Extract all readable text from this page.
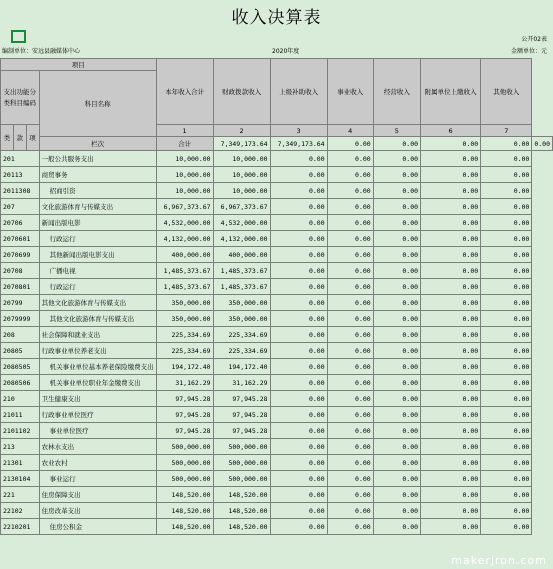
收入决算表
公开02表
编制单位：安远县融媒体中心	2020年度	金额单位：元
项目				本年收入合计	财政拨款收入	上级补助收入	事业收入	经营收入	附属单位上缴收入	其他收入	
支出功能分类科目编码			科目名称								
类	款	项		1	2	3	4	5	6	7	
			栏次	合计	7,349,173.64	7,349,173.64	0.00	0.00	0.00	0.00	0.00
201			一般公共服务支出	10,000.00	10,000.00	0.00	0.00	0.00	0.00	0.00	
20113			商贸事务	10,000.00	10,000.00	0.00	0.00	0.00	0.00	0.00	
2011308			招商引资	10,000.00	10,000.00	0.00	0.00	0.00	0.00	0.00	
207			文化旅游体育与传媒支出	6,967,373.67	6,967,373.67	0.00	0.00	0.00	0.00	0.00	
20706			新闻出版电影	4,532,000.00	4,532,000.00	0.00	0.00	0.00	0.00	0.00	
2070601			行政运行	4,132,000.00	4,132,000.00	0.00	0.00	0.00	0.00	0.00	
2070699			其他新闻出版电影支出	400,000.00	400,000.00	0.00	0.00	0.00	0.00	0.00	
20708			广播电视	1,485,373.67	1,485,373.67	0.00	0.00	0.00	0.00	0.00	
2070801			行政运行	1,485,373.67	1,485,373.67	0.00	0.00	0.00	0.00	0.00	
20799			其他文化旅游体育与传媒支出	350,000.00	350,000.00	0.00	0.00	0.00	0.00	0.00	
2079999			其他文化旅游体育与传媒支出	350,000.00	350,000.00	0.00	0.00	0.00	0.00	0.00	
208			社会保障和就业支出	225,334.69	225,334.69	0.00	0.00	0.00	0.00	0.00	
20805			行政事业单位养老支出	225,334.69	225,334.69	0.00	0.00	0.00	0.00	0.00	
2080505			机关事业单位基本养老保险缴费支出	194,172.40	194,172.40	0.00	0.00	0.00	0.00	0.00	
2080506			机关事业单位职业年金缴费支出	31,162.29	31,162.29	0.00	0.00	0.00	0.00	0.00	
210			卫生健康支出	97,945.28	97,945.28	0.00	0.00	0.00	0.00	0.00	
21011			行政事业单位医疗	97,945.28	97,945.28	0.00	0.00	0.00	0.00	0.00	
2101102			事业单位医疗	97,945.28	97,945.28	0.00	0.00	0.00	0.00	0.00	
213			农林水支出	500,000.00	500,000.00	0.00	0.00	0.00	0.00	0.00	
21301			农业农村	500,000.00	500,000.00	0.00	0.00	0.00	0.00	0.00	
2130104			事业运行	500,000.00	500,000.00	0.00	0.00	0.00	0.00	0.00	
221			住房保障支出	148,520.00	148,520.00	0.00	0.00	0.00	0.00	0.00	
22102			住房改革支出	148,520.00	148,520.00	0.00	0.00	0.00	0.00	0.00	
2210201			住房公积金	148,520.00	148,520.00	0.00	0.00	0.00	0.00	0.00	
makerjron.com
